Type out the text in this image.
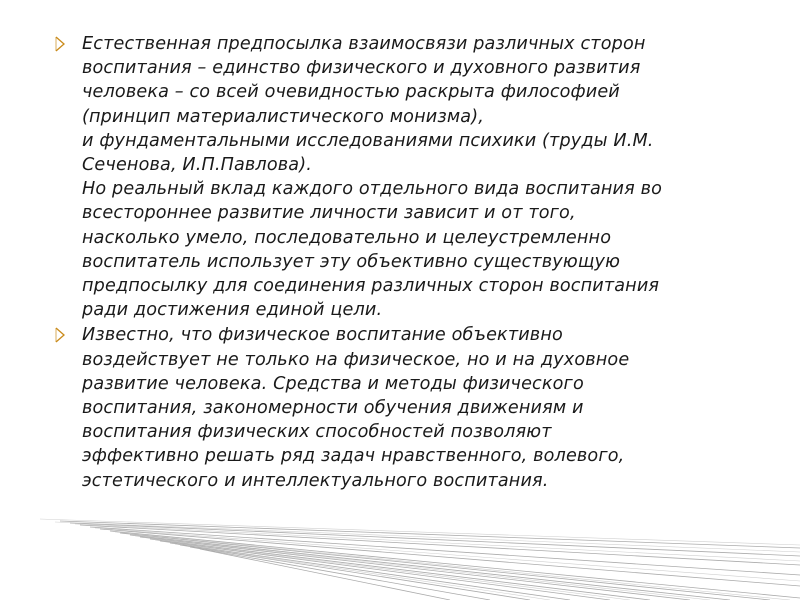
Естественная предпосылка взаимосвязи различных сторон
воспитания – единство физического и духовного развития
человека – со всей очевидностью раскрыта философией
(принцип материалистического монизма),
и фундаментальными исследованиями психики (труды И.М.
Сеченова, И.П.Павлова).
Но реальный вклад каждого отдельного вида воспитания во
всестороннее развитие личности зависит и от того,
насколько умело, последовательно и целеустремленно
воспитатель использует эту объективно существующую
предпосылку для соединения различных сторон воспитания
ради достижения единой цели.
Известно, что физическое воспитание объективно
воздействует не только на физическое, но и на духовное
развитие человека. Средства и методы физического
воспитания, закономерности обучения движениям и
воспитания физических способностей позволяют
эффективно решать ряд задач нравственного, волевого,
эстетического и интеллектуального воспитания.
